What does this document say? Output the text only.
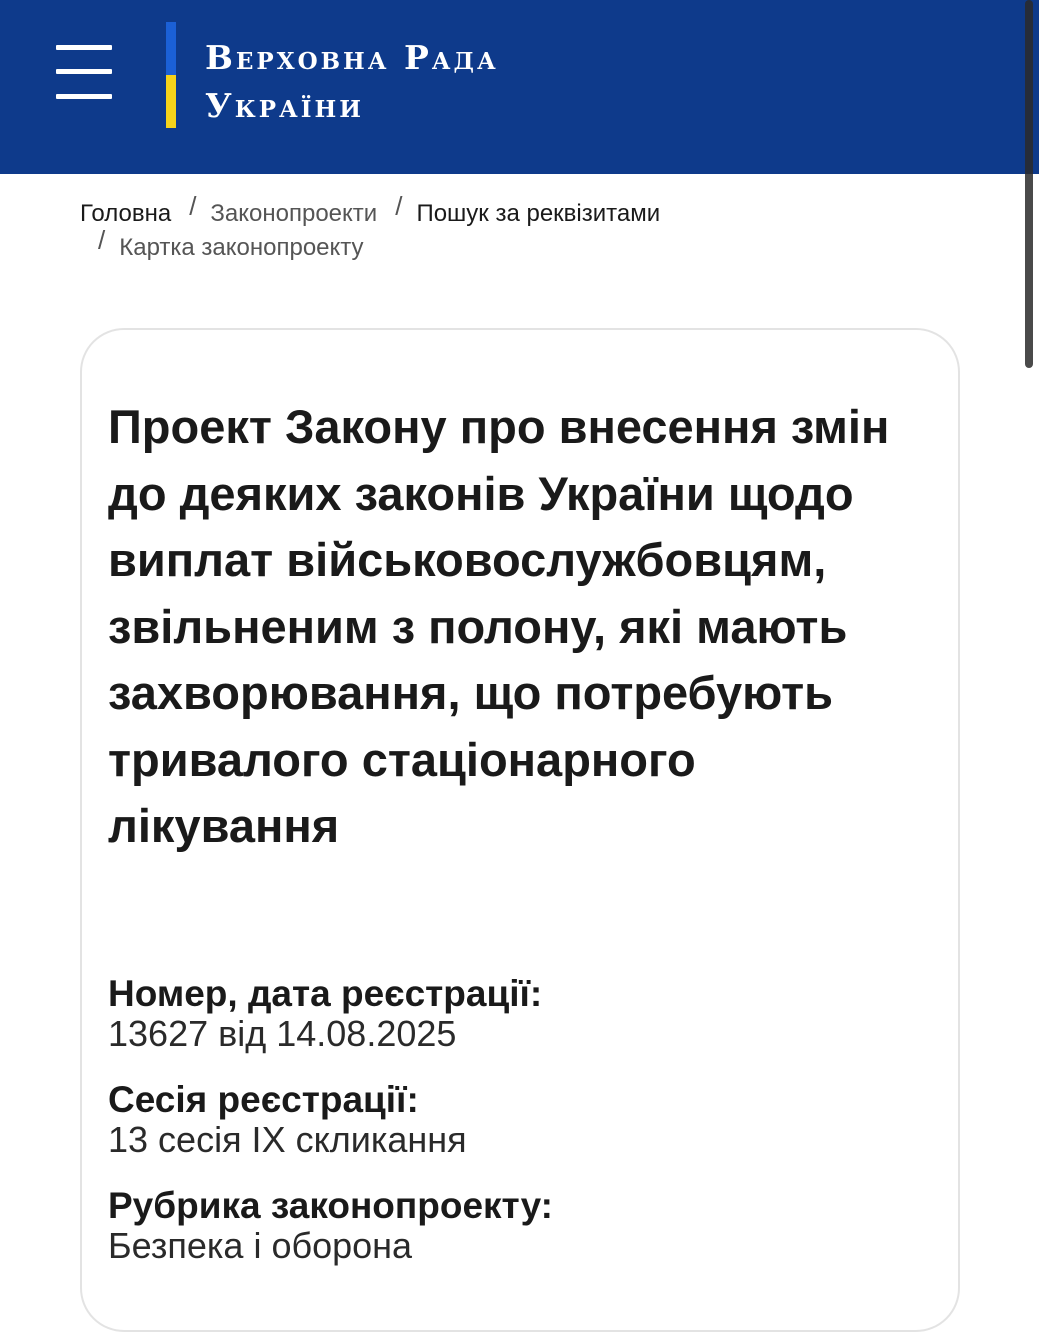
Верховна Рада
України
Головна / Законопроекти / Пошук за реквізитами
/ Картка законопроекту
Проект Закону про внесення змін до деяких законів України щодо виплат військовослужбовцям, звільненим з полону, які мають захворювання, що потребують тривалого стаціонарного лікування
Номер, дата реєстрації:
13627 від 14.08.2025
Сесія реєстрації:
13 сесія IX скликання
Рубрика законопроекту:
Безпека і оборона
